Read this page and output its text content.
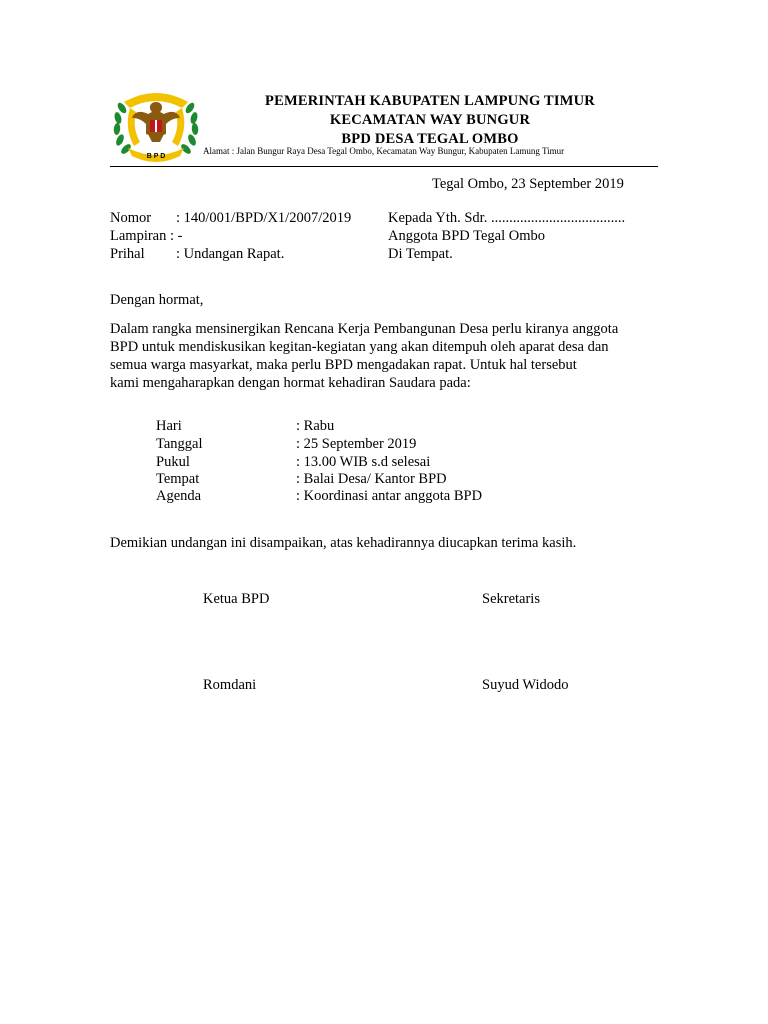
B P D
PEMERINTAH KABUPATEN LAMPUNG TIMUR
KECAMATAN WAY BUNGUR
BPD DESA TEGAL OMBO
Alamat : Jalan Bungur Raya Desa Tegal Ombo, Kecamatan Way Bungur, Kabupaten Lamung Timur
Tegal Ombo, 23 September 2019
Nomor : 140/001/BPD/X1/2007/2019
Lampiran : -
Prihal : Undangan Rapat.
Kepada Yth. Sdr. .....................................
Anggota BPD Tegal Ombo
Di Tempat.
Dengan hormat,
Dalam rangka mensinergikan Rencana Kerja Pembangunan Desa perlu kiranya anggota
BPD untuk mendiskusikan kegitan-kegiatan yang akan ditempuh oleh aparat desa dan
semua warga masyarkat, maka perlu BPD mengadakan rapat. Untuk hal tersebut
kami mengaharapkan dengan hormat kehadiran Saudara pada:
Hari	: Rabu
Tanggal	: 25 September 2019
Pukul	: 13.00 WIB s.d selesai
Tempat	: Balai Desa/ Kantor BPD
Agenda	: Koordinasi antar anggota BPD
Demikian undangan ini disampaikan, atas kehadirannya diucapkan terima kasih.
Ketua BPD	Sekretaris
Romdani	Suyud Widodo
